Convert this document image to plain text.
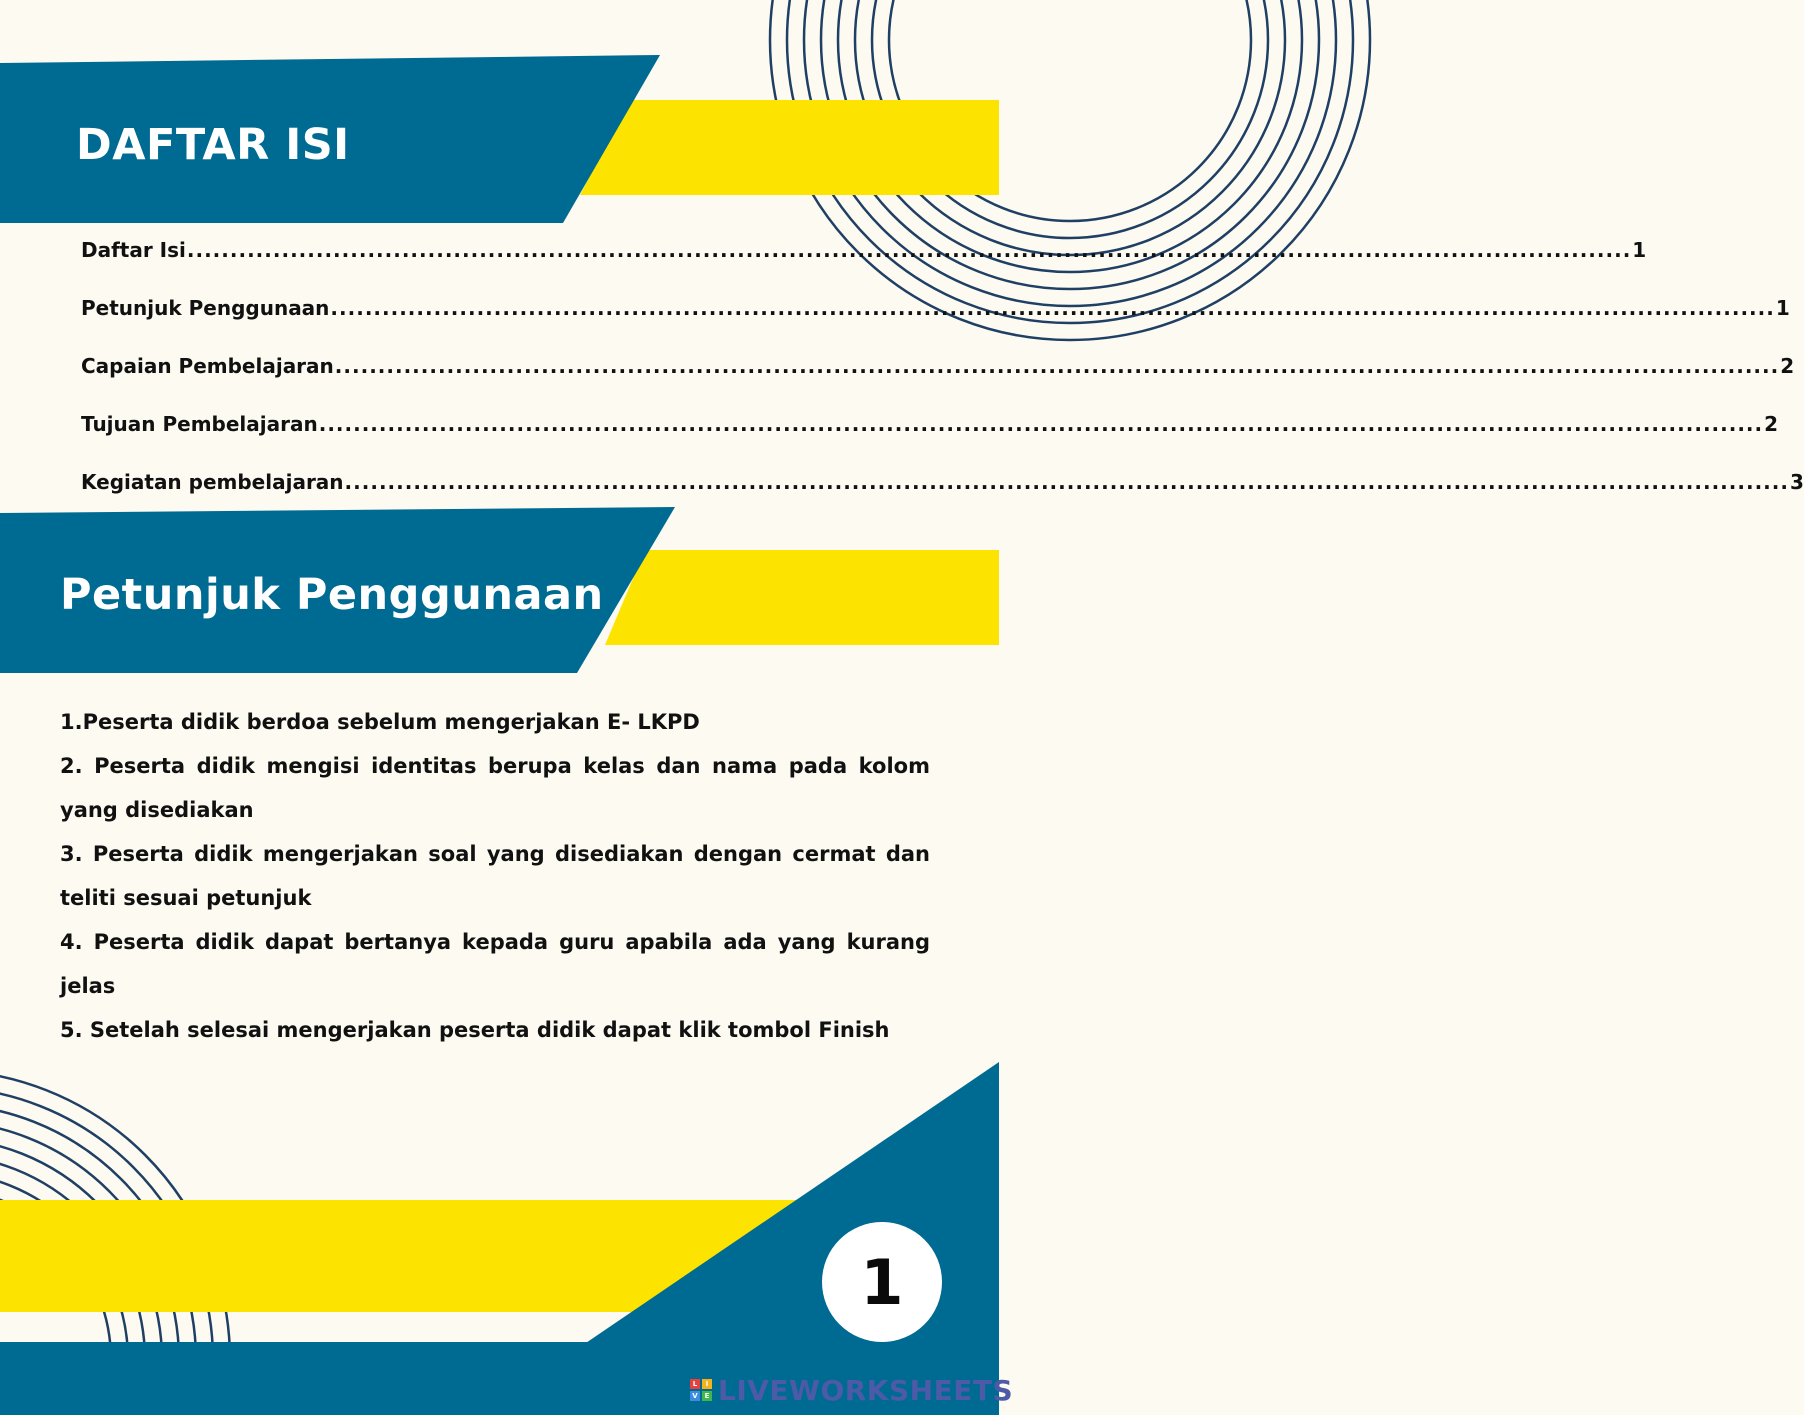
DAFTAR ISI
Daftar Isi ........................................................................................................................................................................ 1
Petunjuk Penggunaan ........................................................................................................................................................................ 1
Capaian Pembelajaran ........................................................................................................................................................................ 2
Tujuan Pembelajaran ........................................................................................................................................................................ 2
Kegiatan pembelajaran ........................................................................................................................................................................ 3
Petunjuk Penggunaan

1.Peserta didik berdoa sebelum mengerjakan E- LKPD

2. Peserta didik mengisi identitas berupa kelas dan nama pada kolom yang disediakan

3. Peserta didik mengerjakan soal yang disediakan dengan cermat dan teliti sesuai petunjuk

4. Peserta didik dapat bertanya kepada guru apabila ada yang kurang jelas

5. Setelah selesai mengerjakan peserta didik dapat klik tombol Finish

1
L	I
V E LIVEWORKSHEETS
